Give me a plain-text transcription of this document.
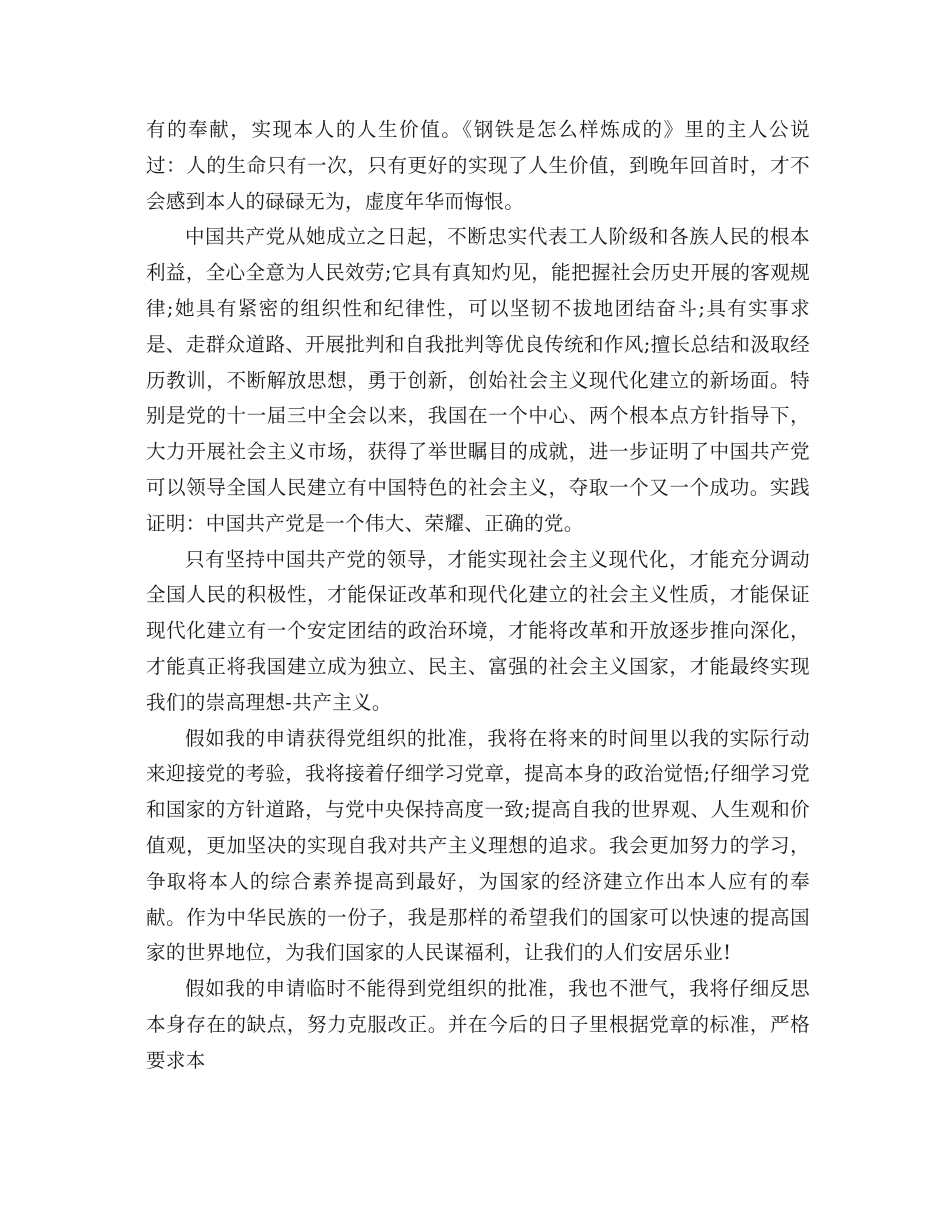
有的奉献，实现本人的人生价值。《钢铁是怎么样炼成的》里的主人公说过：人的生命只有一次，只有更好的实现了人生价值，到晚年回首时，才不会感到本人的碌碌无为，虚度年华而悔恨。

中国共产党从她成立之日起，不断忠实代表工人阶级和各族人民的根本利益，全心全意为人民效劳;它具有真知灼见，能把握社会历史开展的客观规律;她具有紧密的组织性和纪律性，可以坚韧不拔地团结奋斗;具有实事求是、走群众道路、开展批判和自我批判等优良传统和作风;擅长总结和汲取经历教训，不断解放思想，勇于创新，创始社会主义现代化建立的新场面。特别是党的十一届三中全会以来，我国在一个中心、两个根本点方针指导下，大力开展社会主义市场，获得了举世瞩目的成就，进一步证明了中国共产党可以领导全国人民建立有中国特色的社会主义，夺取一个又一个成功。实践证明：中国共产党是一个伟大、荣耀、正确的党。

只有坚持中国共产党的领导，才能实现社会主义现代化，才能充分调动全国人民的积极性，才能保证改革和现代化建立的社会主义性质，才能保证现代化建立有一个安定团结的政治环境，才能将改革和开放逐步推向深化，才能真正将我国建立成为独立、民主、富强的社会主义国家，才能最终实现我们的崇高理想-共产主义。

假如我的申请获得党组织的批准，我将在将来的时间里以我的实际行动来迎接党的考验，我将接着仔细学习党章，提高本身的政治觉悟;仔细学习党和国家的方针道路，与党中央保持高度一致;提高自我的世界观、人生观和价值观，更加坚决的实现自我对共产主义理想的追求。我会更加努力的学习，争取将本人的综合素养提高到最好，为国家的经济建立作出本人应有的奉献。作为中华民族的一份子，我是那样的希望我们的国家可以快速的提高国家的世界地位，为我们国家的人民谋福利，让我们的人们安居乐业!

假如我的申请临时不能得到党组织的批准，我也不泄气，我将仔细反思本身存在的缺点，努力克服改正。并在今后的日子里根据党章的标准，严格要求本
